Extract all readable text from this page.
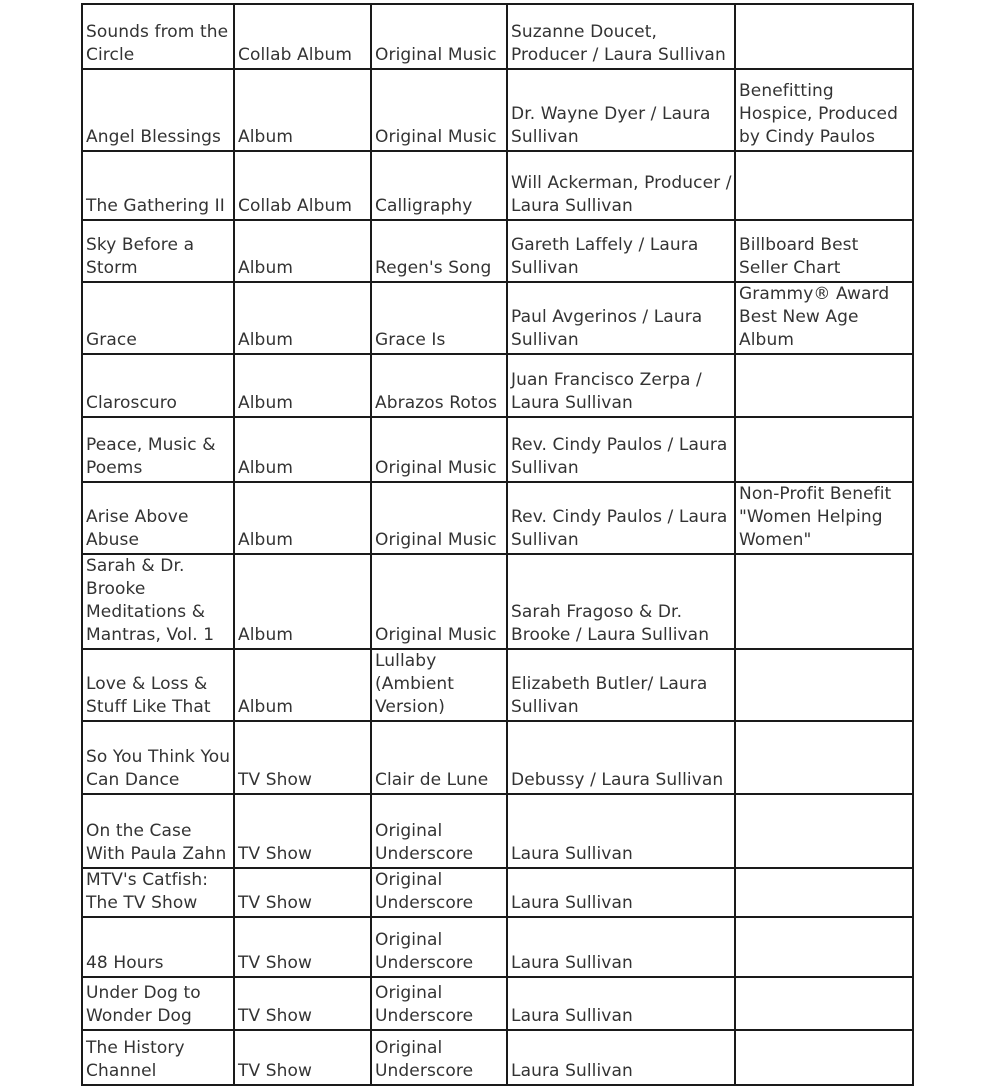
Sounds from the Circle	Collab Album	Original Music	Suzanne Doucet, Producer / Laura Sullivan	
Angel Blessings	Album	Original Music	Dr. Wayne Dyer / Laura Sullivan	Benefitting Hospice, Produced by Cindy Paulos
The Gathering II	Collab Album	Calligraphy	Will Ackerman, Producer / Laura Sullivan	
Sky Before a Storm	Album	Regen's Song	Gareth Laffely / Laura Sullivan	Billboard Best Seller Chart
Grace	Album	Grace Is	Paul Avgerinos / Laura Sullivan	Grammy® Award Best New Age Album
Claroscuro	Album	Abrazos Rotos	Juan Francisco Zerpa / Laura Sullivan	
Peace, Music & Poems	Album	Original Music	Rev. Cindy Paulos / Laura Sullivan	
Arise Above Abuse	Album	Original Music	Rev. Cindy Paulos / Laura Sullivan	Non-Profit Benefit "Women Helping Women"
Sarah & Dr. Brooke Meditations & Mantras, Vol. 1	Album	Original Music	Sarah Fragoso & Dr. Brooke / Laura Sullivan	
Love & Loss & Stuff Like That	Album	Lullaby (Ambient Version)	Elizabeth Butler/ Laura Sullivan	
So You Think You Can Dance	TV Show	Clair de Lune	Debussy / Laura Sullivan	
On the Case With Paula Zahn	TV Show	Original Underscore	Laura Sullivan	
MTV's Catfish: The TV Show	TV Show	Original Underscore	Laura Sullivan	
48 Hours	TV Show	Original Underscore	Laura Sullivan	
Under Dog to Wonder Dog	TV Show	Original Underscore	Laura Sullivan	
The History Channel	TV Show	Original Underscore	Laura Sullivan	
